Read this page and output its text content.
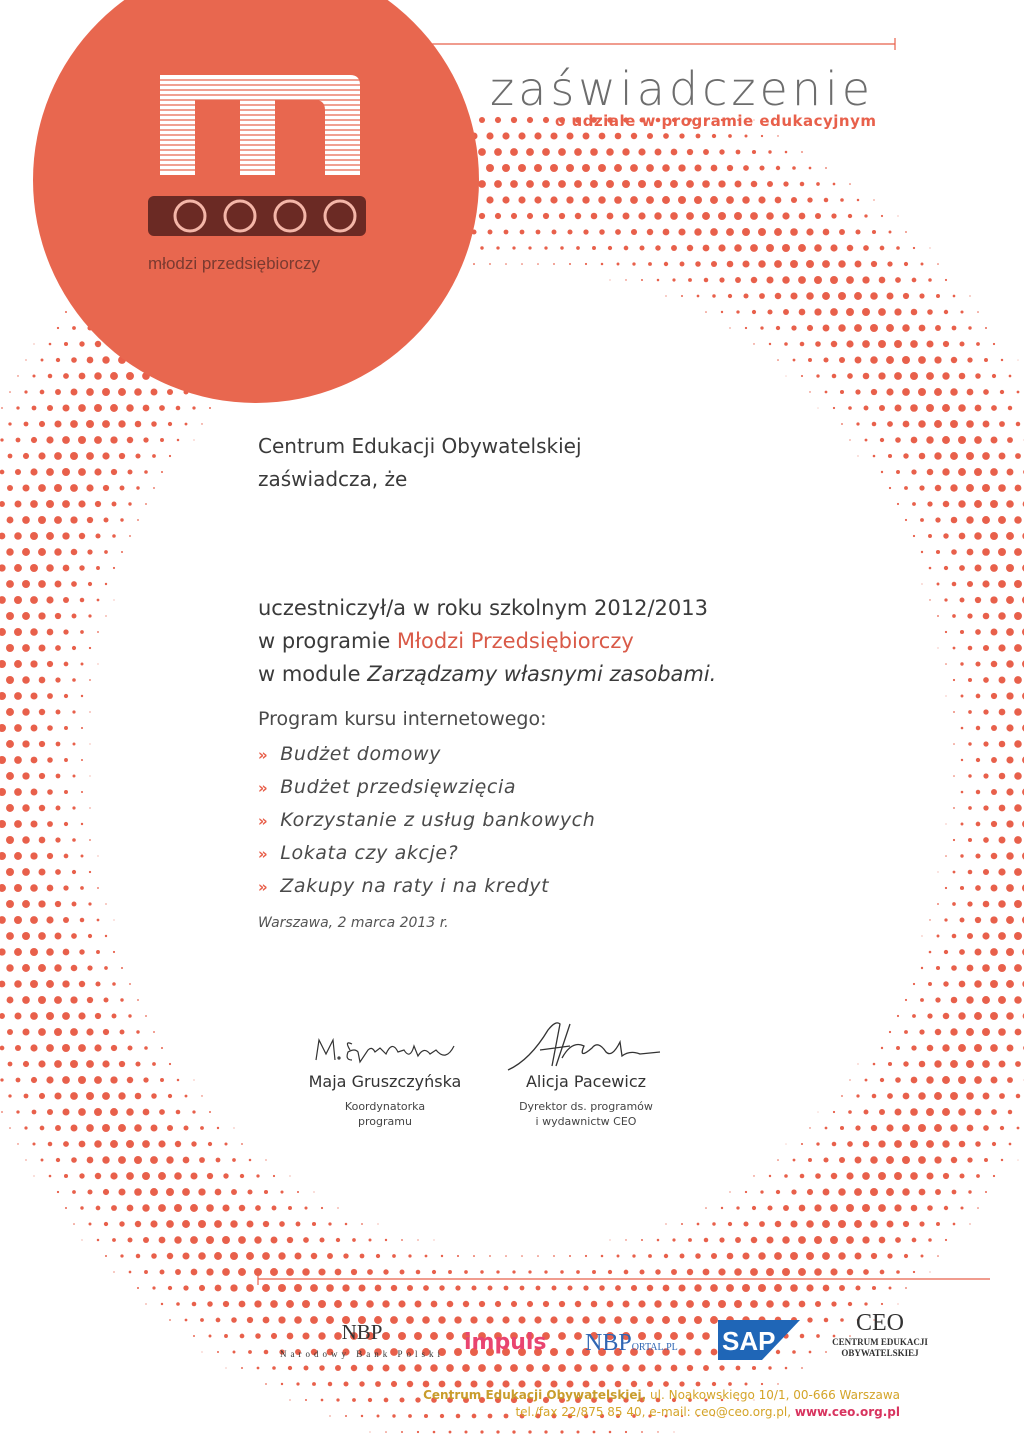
zaświadczenie
o udziale w programie edukacyjnym
młodzi przedsiębiorczy
Centrum Edukacji Obywatelskiej
zaświadcza, że
uczestniczył/a w roku szkolnym 2012/2013
w programie Młodzi Przedsiębiorczy
w module Zarządzamy własnymi zasobami.
Program kursu internetowego:
» Budżet domowy
» Budżet przedsięwzięcia
» Korzystanie z usług bankowych
» Lokata czy akcje?
» Zakupy na raty i na kredyt
Warszawa, 2 marca 2013 r.
Maja Gruszczyńska
Koordynatorka
programu
Alicja Pacewicz
Dyrektor ds. programów
i wydawnictw CEO
NBP
Narodowy Bank Polski impuls NBPORTAL.PL SAP
CEO
CENTRUM EDUKACJI
OBYWATELSKIEJ
Centrum Edukacji Obywatelskiej, ul. Noakowskiego 10/1, 00-666 Warszawa
tel./fax 22/875 85 40, e-mail: ceo@ceo.org.pl, www.ceo.org.pl
